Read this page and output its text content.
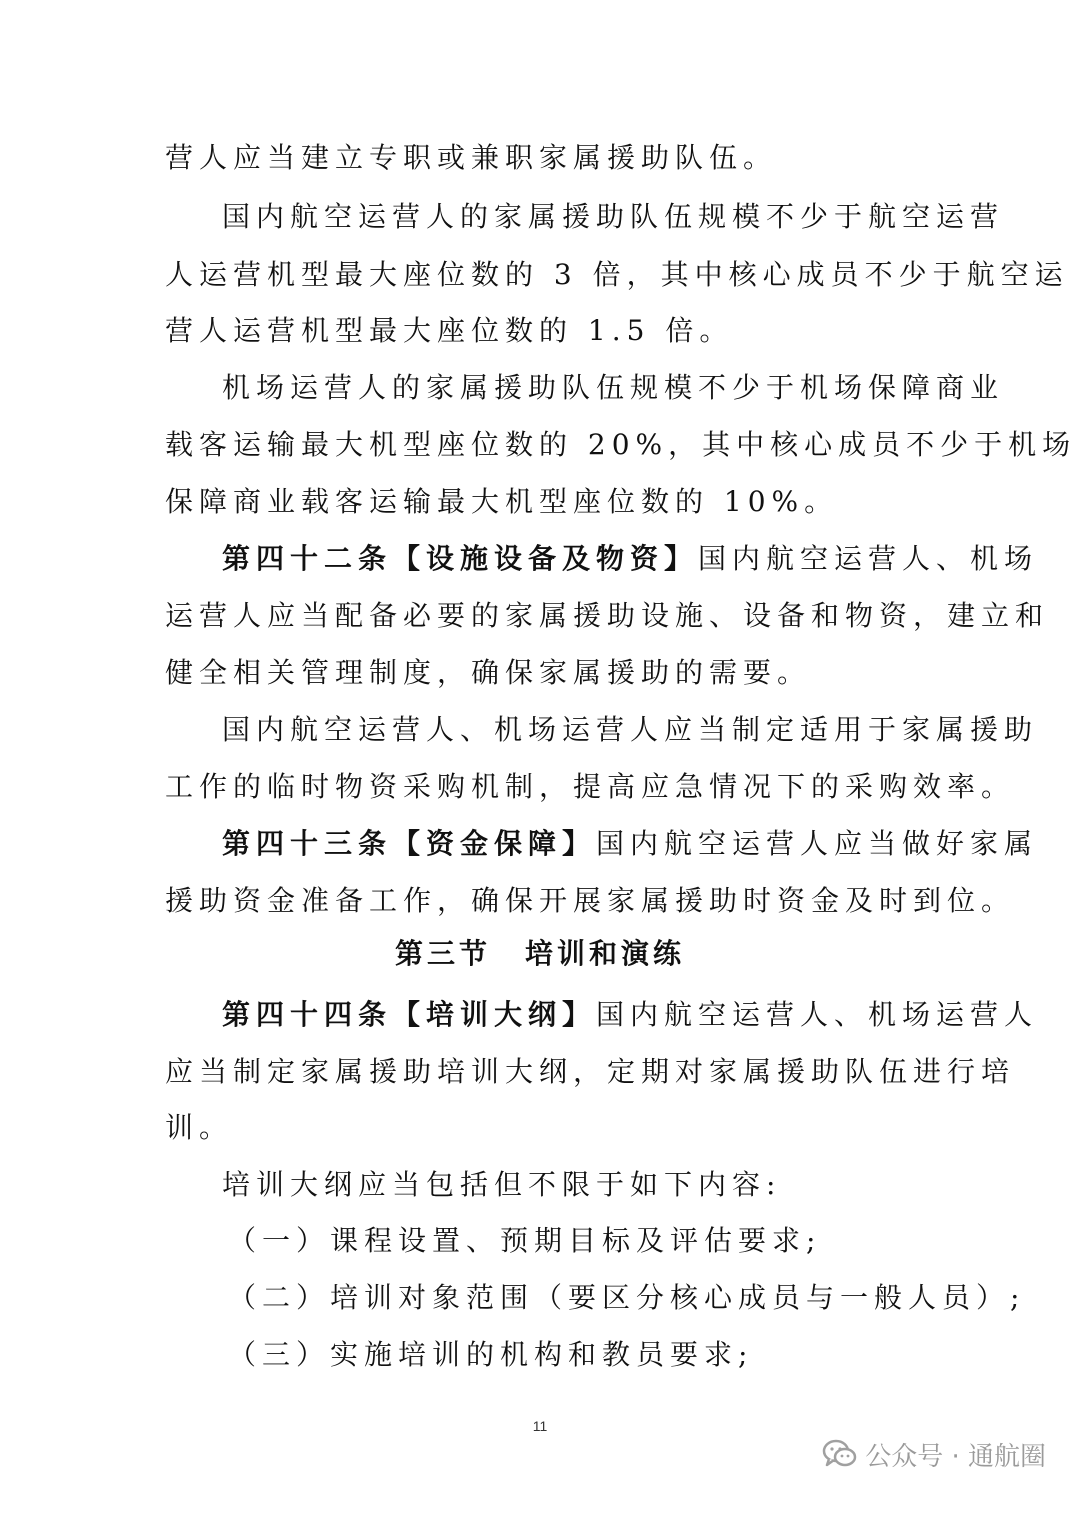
营人应当建立专职或兼职家属援助队伍。
国内航空运营人的家属援助队伍规模不少于航空运营
人运营机型最大座位数的 3 倍，其中核心成员不少于航空运
营人运营机型最大座位数的 1.5 倍。
机场运营人的家属援助队伍规模不少于机场保障商业
载客运输最大机型座位数的 20%，其中核心成员不少于机场
保障商业载客运输最大机型座位数的 10%。
第四十二条【设施设备及物资】国内航空运营人、机场
运营人应当配备必要的家属援助设施、设备和物资，建立和
健全相关管理制度，确保家属援助的需要。
国内航空运营人、机场运营人应当制定适用于家属援助
工作的临时物资采购机制，提高应急情况下的采购效率。
第四十三条【资金保障】国内航空运营人应当做好家属
援助资金准备工作，确保开展家属援助时资金及时到位。
第三节 培训和演练
第四十四条【培训大纲】国内航空运营人、机场运营人
应当制定家属援助培训大纲，定期对家属援助队伍进行培
训。
培训大纲应当包括但不限于如下内容:
（一）课程设置、预期目标及评估要求;
（二）培训对象范围（要区分核心成员与一般人员）;
（三）实施培训的机构和教员要求;
11
公众号 · 通航圈
